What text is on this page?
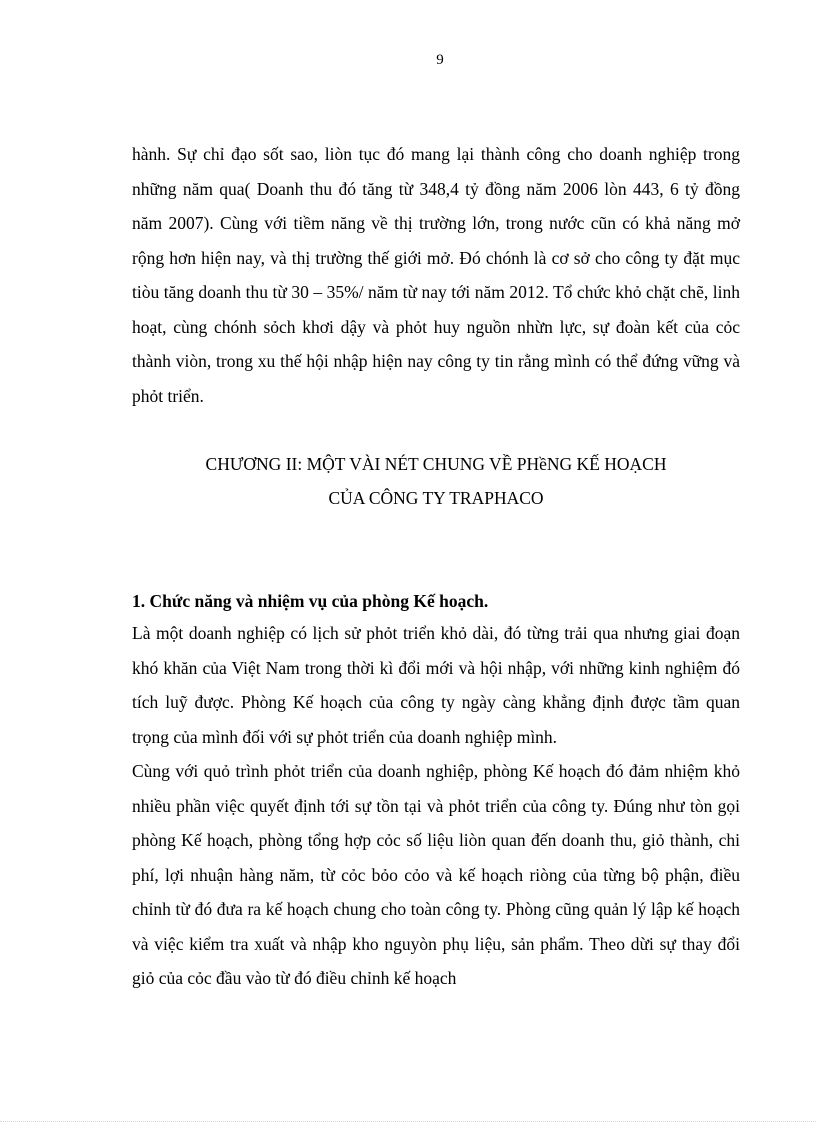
9

hành. Sự chỉ đạo sốt sao, liòn tục đó mang lại thành công cho doanh nghiệp trong những năm qua( Doanh thu đó tăng từ 348,4 tỷ đồng năm 2006 lòn 443, 6 tỷ đồng năm 2007). Cùng với tiềm năng về thị trường lớn, trong nước cũn có khả năng mở rộng hơn hiện nay, và thị trường thế giới mở. Đó chónh là cơ sở cho công ty đặt mục tiòu tăng doanh thu từ 30 – 35%/ năm từ nay tới năm 2012. Tổ chức khỏ chặt chẽ, linh hoạt, cùng chónh sỏch khơi dậy và phỏt huy nguồn nhừn lực, sự đoàn kết của cỏc thành viòn, trong xu thế hội nhập hiện nay công ty tin rằng mình có thể đứng vững và phỏt triển.

CHƯƠNG II: MỘT VÀI NÉT CHUNG VỀ PHềNG KẾ HOẠCH
CỦA CÔNG TY TRAPHACO
1. Chức năng và nhiệm vụ của phòng Kế hoạch.

Là một doanh nghiệp có lịch sử phỏt triển khỏ dài, đó từng trải qua nhưng giai đoạn khó khăn của Việt Nam trong thời kì đổi mới và hội nhập, với những kinh nghiệm đó tích luỹ được. Phòng Kế hoạch của công ty ngày càng khẳng định được tầm quan trọng của mình đối với sự phỏt triển của doanh nghiệp mình.

Cùng với quỏ trình phỏt triển của doanh nghiệp, phòng Kế hoạch đó đảm nhiệm khỏ nhiều phần việc quyết định tới sự tồn tại và phỏt triển của công ty. Đúng như tòn gọi phòng Kế hoạch, phòng tổng hợp cỏc số liệu liòn quan đến doanh thu, giỏ thành, chi phí, lợi nhuận hàng năm, từ cỏc bỏo cỏo và kế hoạch riòng của từng bộ phận, điều chỉnh từ đó đưa ra kế hoạch chung cho toàn công ty. Phòng cũng quản lý lập kế hoạch và việc kiểm tra xuất và nhập kho nguyòn phụ liệu, sản phẩm. Theo dừi sự thay đổi giỏ của cỏc đầu vào từ đó điều chỉnh kế hoạch
